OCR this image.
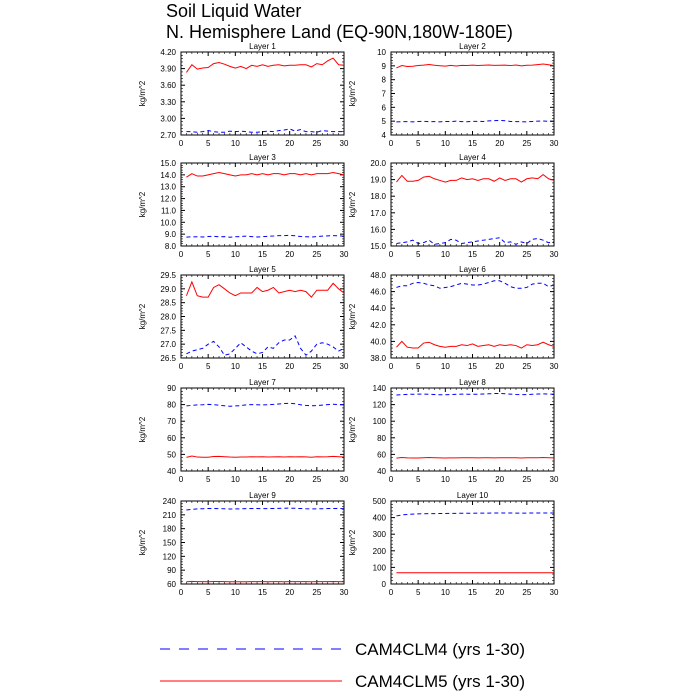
Soil Liquid Water
N. Hemisphere Land (EQ-90N,180W-180E)
Layer 1
kg/m^2
0	5	10 15 20 25 30
2.70
3.00
3.30
3.60
3.90
4.20
Layer 2
kg/m^2
0	5	10 15 20 25 30
4
5
6
7
8
9
10
Layer 3
kg/m^2
0	5	10 15 20 25 30
8.0
9.0
10.0
11.0
12.0
13.0
14.0
15.0
Layer 4
kg/m^2
0	5	10 15 20 25 30
15.0
16.0
17.0
18.0
19.0
20.0
Layer 5
kg/m^2
0	5	10 15 20 25 30
26.5
27.0
27.5
28.0
28.5
29.0
29.5
Layer 6
kg/m^2
0	5	10 15 20 25 30
38.0
40.0
42.0
44.0
46.0
48.0
Layer 7
kg/m^2
0	5	10 15 20 25 30
40
50
60
70
80
90
Layer 8
kg/m^2
0	5	10 15 20 25 30
40
60
80
100
120
140
Layer 9
kg/m^2
0	5	10 15 20 25 30
60
90
120
150
180
210
240
Layer 10
kg/m^2
0	5	10 15 20 25 30
0
100
200
300
400
500
CAM4CLM4 (yrs 1-30)
CAM4CLM5 (yrs 1-30)
